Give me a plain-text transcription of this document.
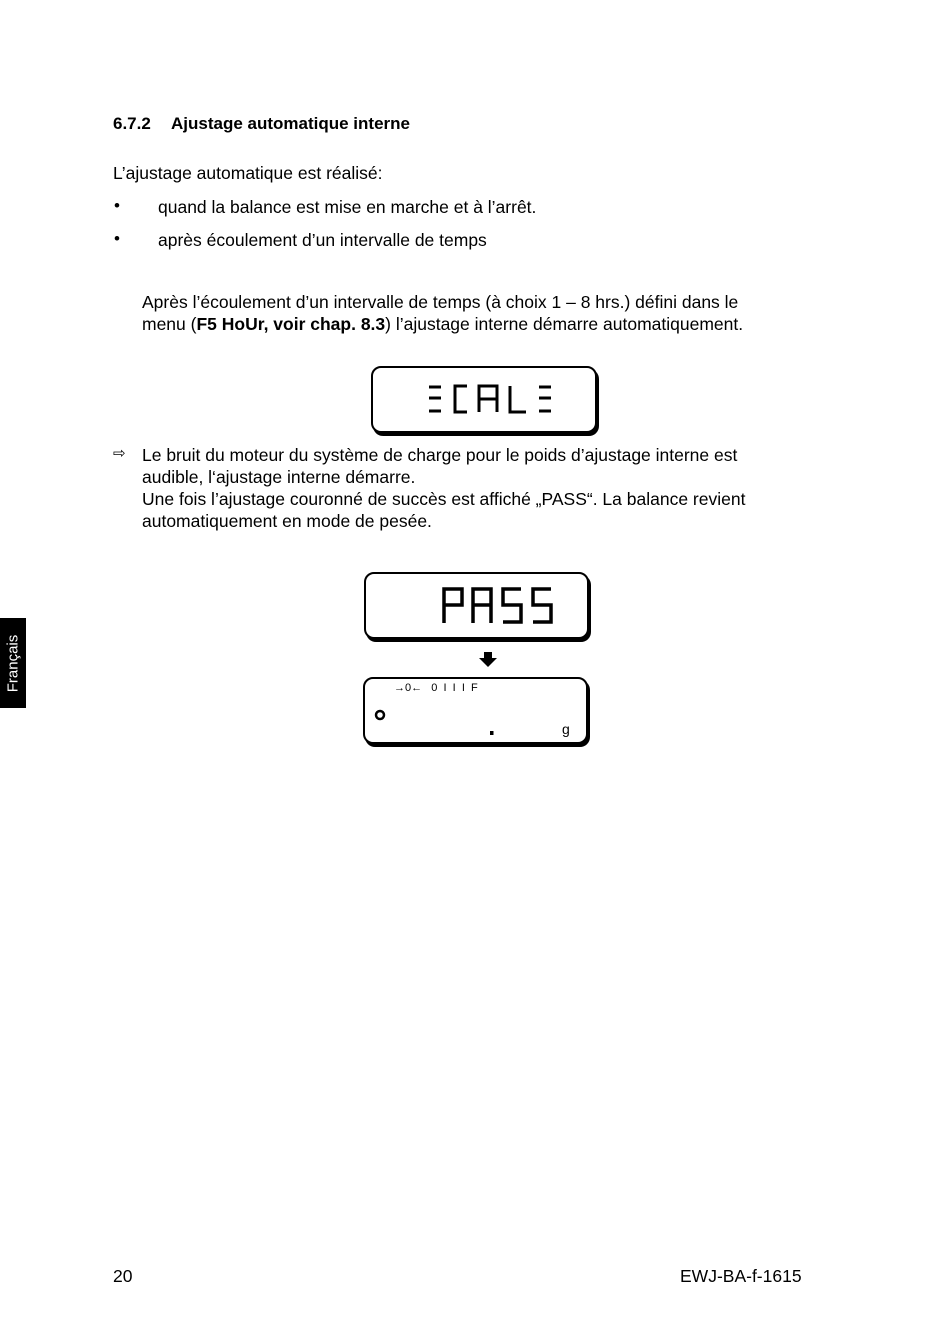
6.7.2 Ajustage automatique interne
L’ajustage automatique est réalisé:
• quand la balance est mise en marche et à l’arrêt.
• après écoulement d’un intervalle de temps
Après l’écoulement d’un intervalle de temps (à choix 1 – 8 hrs.) défini dans le
menu (F5 HoUr, voir chap. 8.3) l’ajustage interne démarre automatiquement.
⇨ Le bruit du moteur du système de charge pour le poids d’ajustage interne est
audible, l‘ajustage interne démarre.
Une fois l’ajustage couronné de succès est affiché „PASS“. La balance revient
automatiquement en mode de pesée.
→0←   0  I  I  I  F
g
Français
20	EWJ-BA-f-1615
